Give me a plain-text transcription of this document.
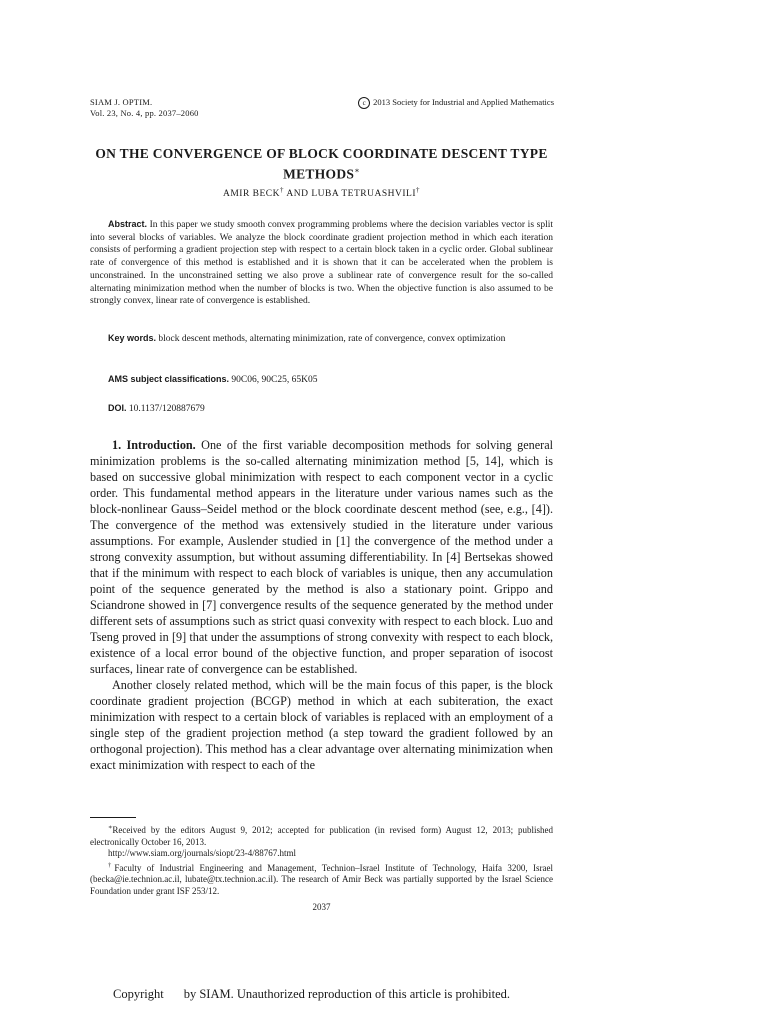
SIAM J. OPTIM.
Vol. 23, No. 4, pp. 2037–2060
c 2013 Society for Industrial and Applied Mathematics
ON THE CONVERGENCE OF BLOCK COORDINATE DESCENT TYPE METHODS∗
AMIR BECK† AND LUBA TETRUASHVILI†
Abstract. In this paper we study smooth convex programming problems where the decision variables vector is split into several blocks of variables. We analyze the block coordinate gradient projection method in which each iteration consists of performing a gradient projection step with respect to a certain block taken in a cyclic order. Global sublinear rate of convergence of this method is established and it is shown that it can be accelerated when the problem is unconstrained. In the unconstrained setting we also prove a sublinear rate of convergence result for the so-called alternating minimization method when the number of blocks is two. When the objective function is also assumed to be strongly convex, linear rate of convergence is established.
Key words. block descent methods, alternating minimization, rate of convergence, convex optimization
AMS subject classifications. 90C06, 90C25, 65K05
DOI. 10.1137/120887679

1. Introduction. One of the first variable decomposition methods for solving general minimization problems is the so-called alternating minimization method [5, 14], which is based on successive global minimization with respect to each component vector in a cyclic order. This fundamental method appears in the literature under various names such as the block-nonlinear Gauss–Seidel method or the block coordinate descent method (see, e.g., [4]). The convergence of the method was extensively studied in the literature under various assumptions. For example, Auslender studied in [1] the convergence of the method under a strong convexity assumption, but without assuming differentiability. In [4] Bertsekas showed that if the minimum with respect to each block of variables is unique, then any accumulation point of the sequence generated by the method is also a stationary point. Grippo and Sciandrone showed in [7] convergence results of the sequence generated by the method under different sets of assumptions such as strict quasi convexity with respect to each block. Luo and Tseng proved in [9] that under the assumptions of strong convexity with respect to each block, existence of a local error bound of the objective function, and proper separation of isocost surfaces, linear rate of convergence can be established.

Another closely related method, which will be the main focus of this paper, is the block coordinate gradient projection (BCGP) method in which at each subiteration, the exact minimization with respect to a certain block of variables is replaced with an employment of a single step of the gradient projection method (a step toward the gradient followed by an orthogonal projection). This method has a clear advantage over alternating minimization when exact minimization with respect to each of the

∗Received by the editors August 9, 2012; accepted for publication (in revised form) August 12, 2013; published electronically October 16, 2013.
http://www.siam.org/journals/siopt/23-4/88767.html
†Faculty of Industrial Engineering and Management, Technion–Israel Institute of Technology, Haifa 3200, Israel (becka@ie.technion.ac.il, lubate@tx.technion.ac.il). The research of Amir Beck was partially supported by the Israel Science Foundation under grant ISF 253/12.
2037
Copyright by SIAM. Unauthorized reproduction of this article is prohibited.
